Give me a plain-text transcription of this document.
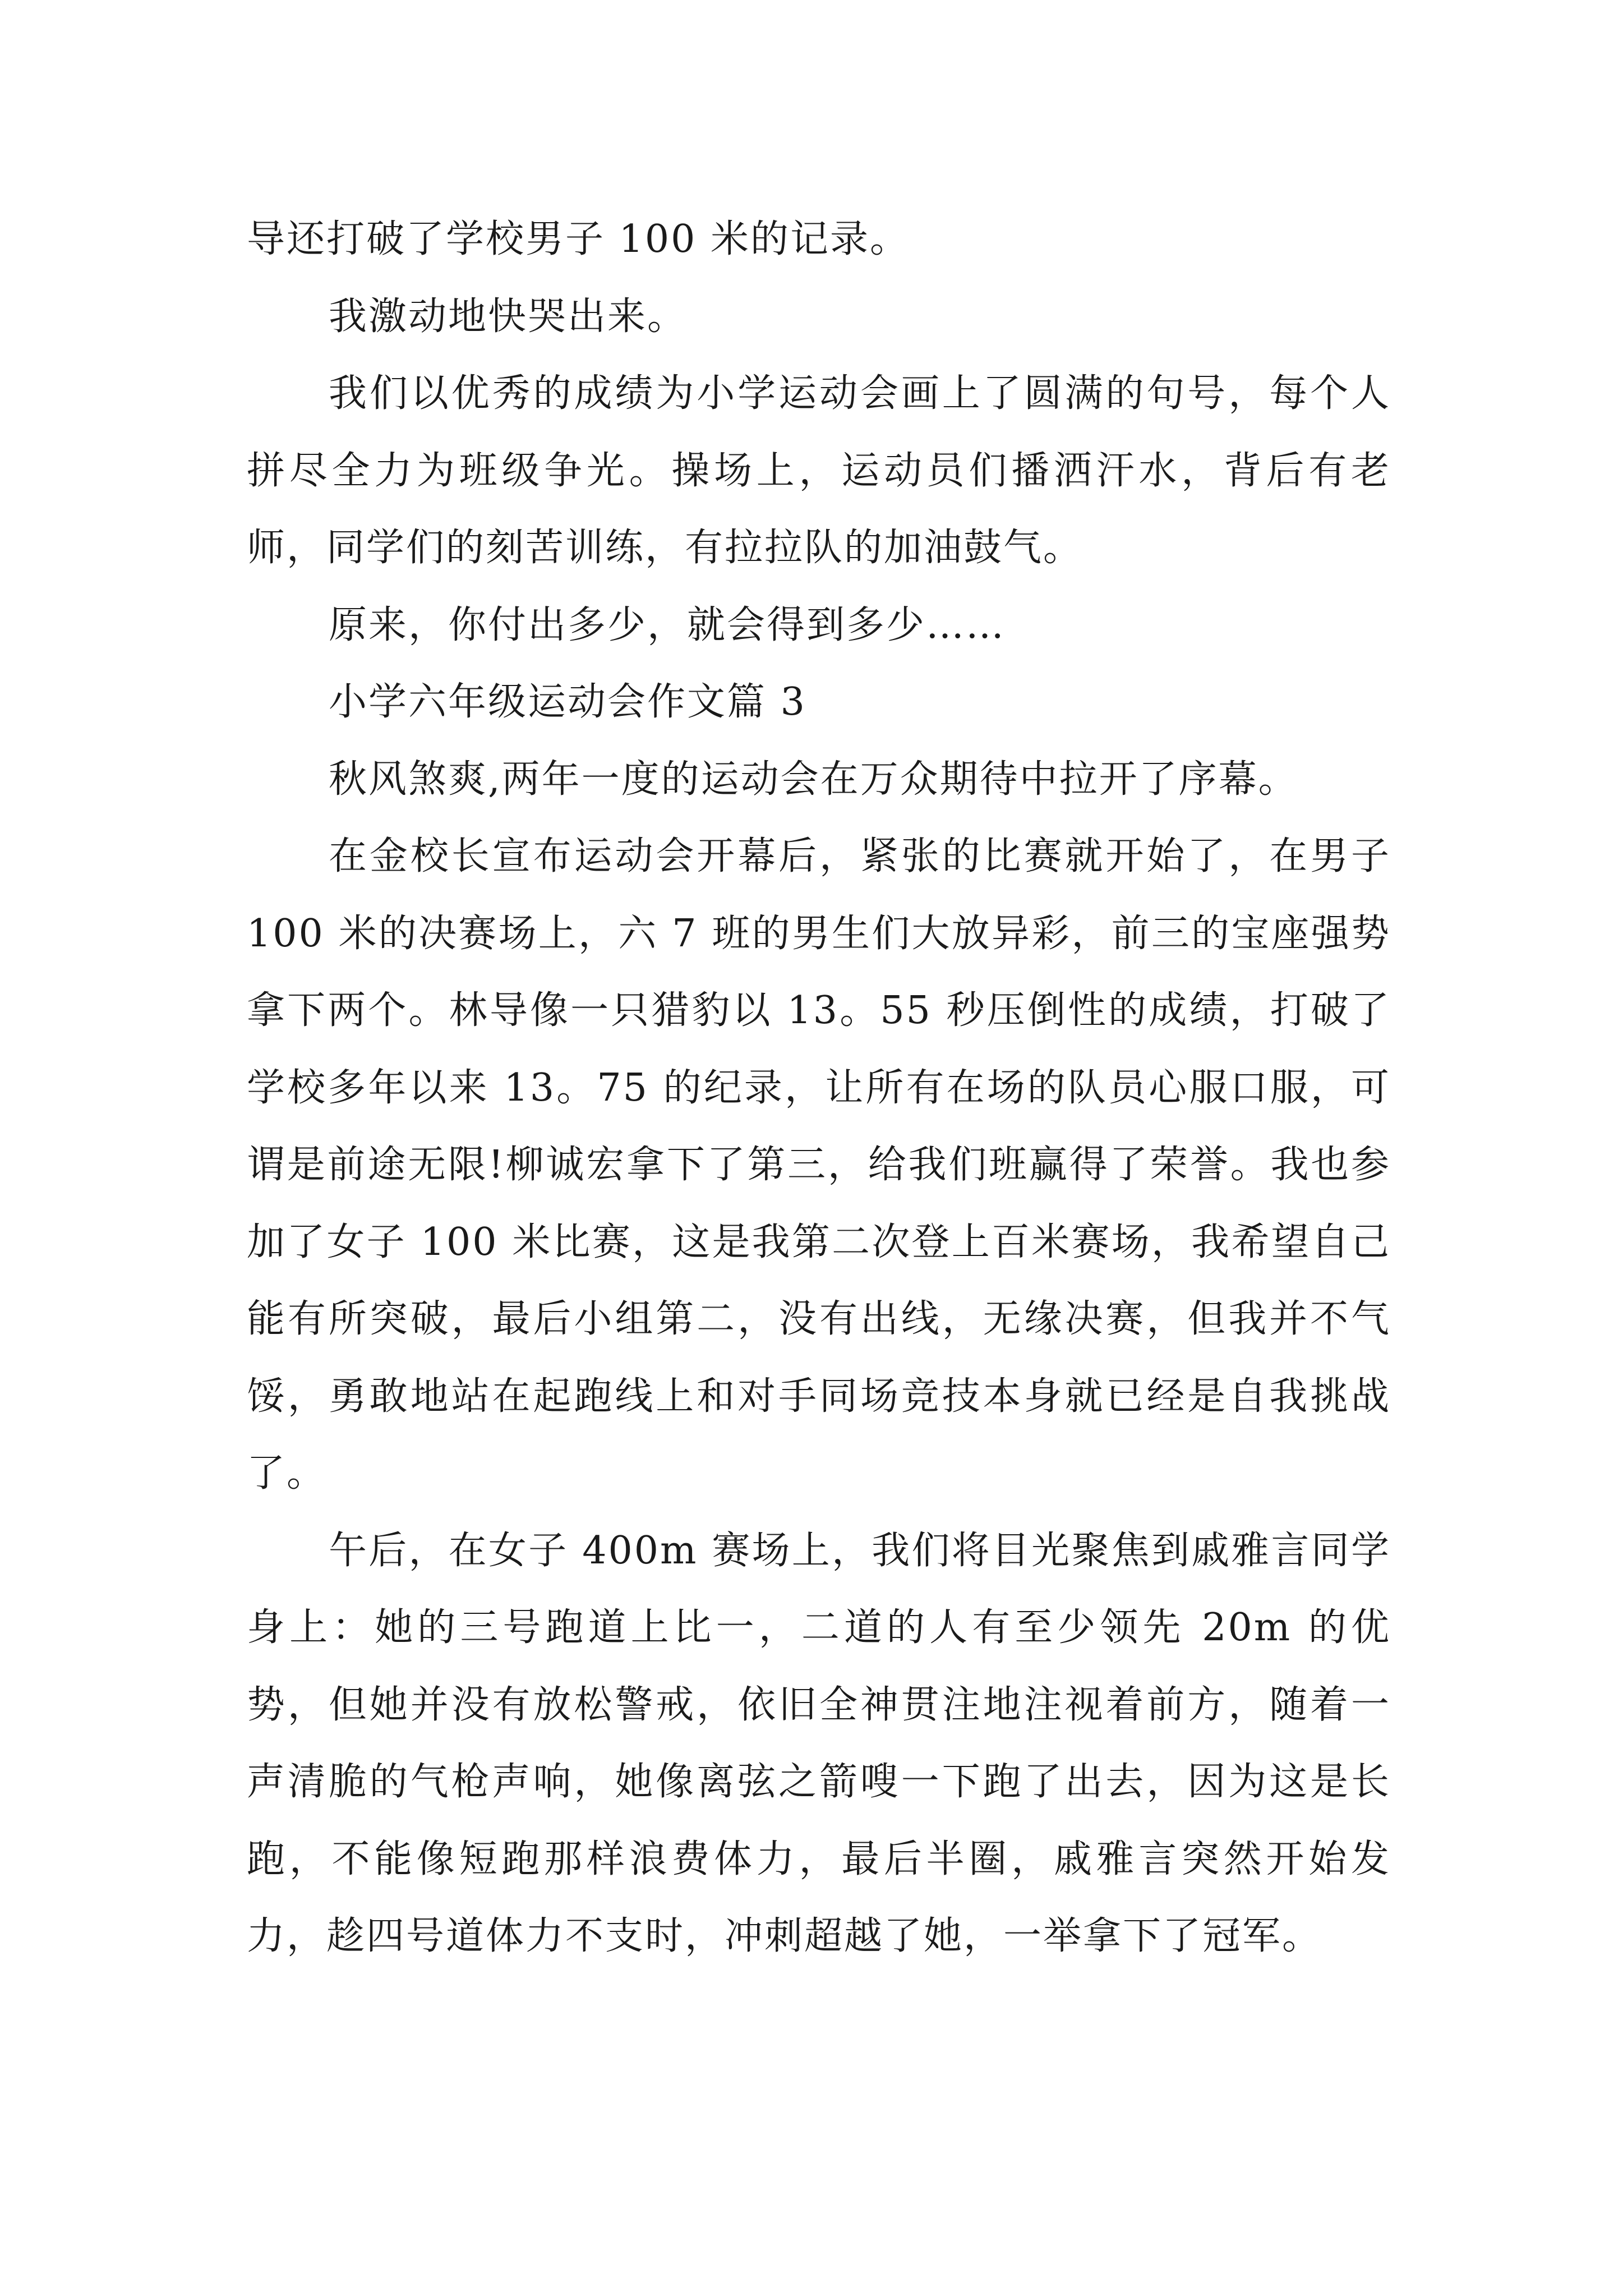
导还打破了学校男子 100 米的记录。

我激动地快哭出来。

我们以优秀的成绩为小学运动会画上了圆满的句号，每个人拼尽全力为班级争光。操场上，运动员们播洒汗水，背后有老师，同学们的刻苦训练，有拉拉队的加油鼓气。

原来，你付出多少，就会得到多少……

小学六年级运动会作文篇 3

秋风煞爽,两年一度的运动会在万众期待中拉开了序幕。

在金校长宣布运动会开幕后，紧张的比赛就开始了，在男子 100 米的决赛场上，六 7 班的男生们大放异彩，前三的宝座强势拿下两个。林导像一只猎豹以 13。55 秒压倒性的成绩，打破了学校多年以来 13。75 的纪录，让所有在场的队员心服口服，可谓是前途无限!柳诚宏拿下了第三，给我们班赢得了荣誉。我也参加了女子 100 米比赛，这是我第二次登上百米赛场，我希望自己能有所突破，最后小组第二，没有出线，无缘决赛，但我并不气馁，勇敢地站在起跑线上和对手同场竞技本身就已经是自我挑战了。

午后，在女子 400m 赛场上，我们将目光聚焦到戚雅言同学身上：她的三号跑道上比一，二道的人有至少领先 20m 的优势，但她并没有放松警戒，依旧全神贯注地注视着前方，随着一声清脆的气枪声响，她像离弦之箭嗖一下跑了出去，因为这是长跑，不能像短跑那样浪费体力，最后半圈，戚雅言突然开始发力，趁四号道体力不支时，冲刺超越了她，一举拿下了冠军。
